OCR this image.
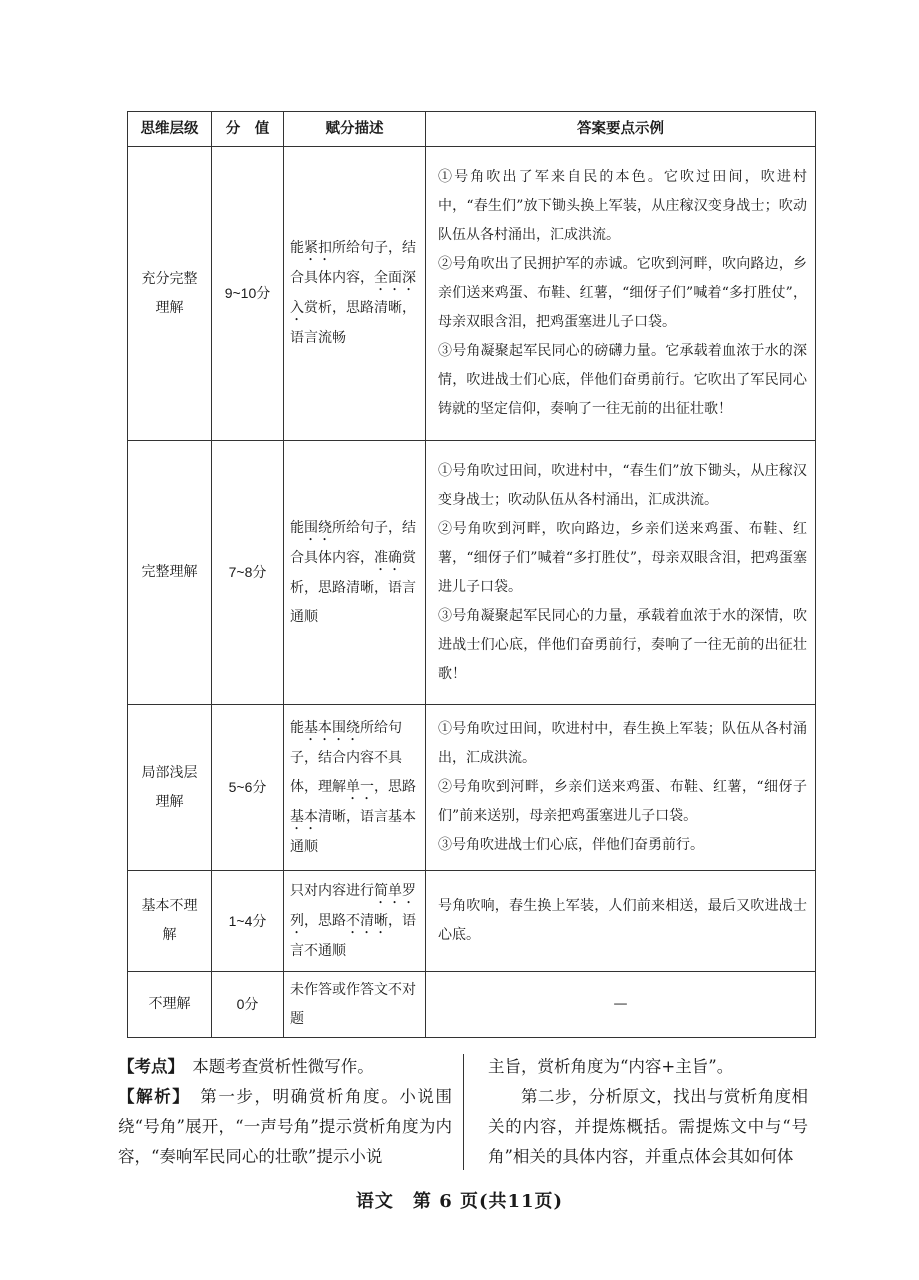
思维层级	分　值	赋分描述	答案要点示例
充分完整理解	9~10分	能紧扣所给句子，结合具体内容，全面深入赏析，思路清晰，语言流畅	①号角吹出了军来自民的本色。它吹过田间，吹进村中，“春生们”放下锄头换上军装，从庄稼汉变身战士；吹动队伍从各村涌出，汇成洪流。

②号角吹出了民拥护军的赤诚。它吹到河畔，吹向路边，乡亲们送来鸡蛋、布鞋、红薯，“细伢子们”喊着“多打胜仗”，母亲双眼含泪，把鸡蛋塞进儿子口袋。

③号角凝聚起军民同心的磅礴力量。它承载着血浓于水的深情，吹进战士们心底，伴他们奋勇前行。它吹出了军民同心铸就的坚定信仰，奏响了一往无前的出征壮歌！

完整理解	7~8分	能围绕所给句子，结合具体内容，准确赏析，思路清晰，语言通顺	①号角吹过田间，吹进村中，“春生们”放下锄头，从庄稼汉变身战士；吹动队伍从各村涌出，汇成洪流。

②号角吹到河畔，吹向路边，乡亲们送来鸡蛋、布鞋、红薯，“细伢子们”喊着“多打胜仗”，母亲双眼含泪，把鸡蛋塞进儿子口袋。

③号角凝聚起军民同心的力量，承载着血浓于水的深情，吹进战士们心底，伴他们奋勇前行，奏响了一往无前的出征壮歌！

局部浅层理解	5~6分	能基本围绕所给句子，结合内容不具体，理解单一，思路基本清晰，语言基本通顺	①号角吹过田间，吹进村中，春生换上军装；队伍从各村涌出，汇成洪流。

②号角吹到河畔，乡亲们送来鸡蛋、布鞋、红薯，“细伢子们”前来送别，母亲把鸡蛋塞进儿子口袋。

③号角吹进战士们心底，伴他们奋勇前行。

基本不理解	1~4分	只对内容进行简单罗列，思路不清晰，语言不通顺	号角吹响，春生换上军装，人们前来相送，最后又吹进战士心底。

不理解	0分	未作答或作答文不对题	—

【考点】　 本题考查赏析性微写作。

【解析】　 第一步，明确赏析角度。小说围绕“号角”展开，“一声号角”提示赏析角度为内容，“奏响军民同心的壮歌”提示小说

主旨，赏析角度为“内容+主旨”。

第二步，分析原文，找出与赏析角度相关的内容，并提炼概括。需提炼文中与“号角”相关的具体内容，并重点体会其如何体

语文　第 6 页(共11页)
